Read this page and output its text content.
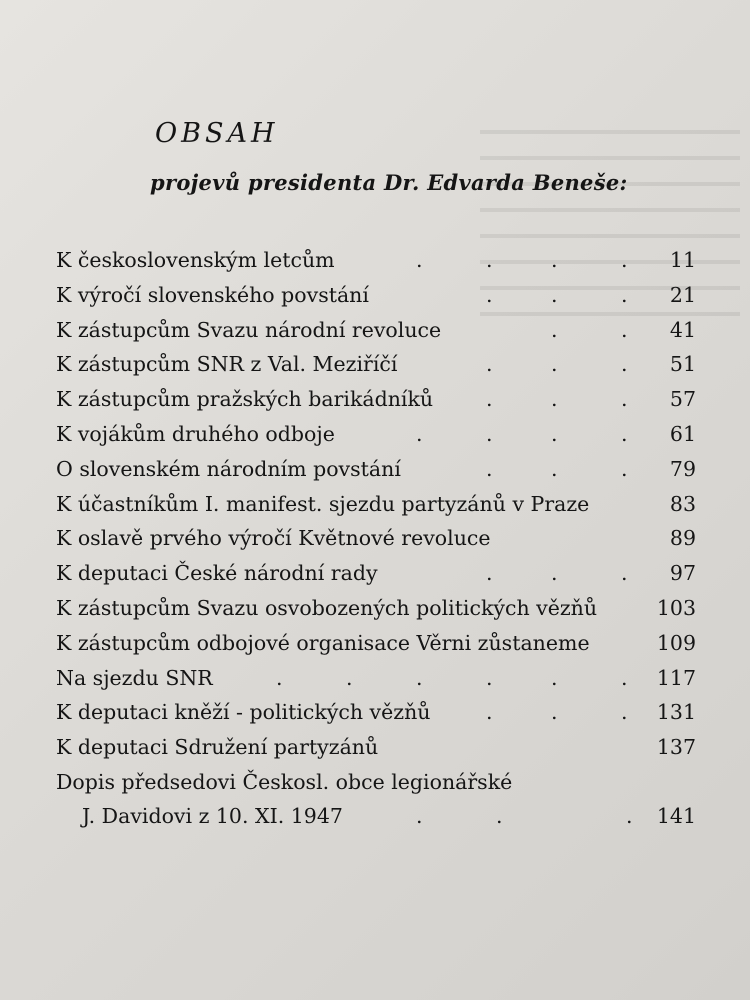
OBSAH
projevů presidenta Dr. Edvarda Beneše:
K československým letcům	.	.	.	. 11
K výročí slovenského povstání	.	.	. 21
K zástupcům Svazu národní revoluce	.	. 41
K zástupcům SNR z Val. Meziříčí	.	.	. 51
K zástupcům pražských barikádníků	.	.	. 57
K vojákům druhého odboje	.	.	.	. 61
O slovenském národním povstání	.	.	. 79
K účastníkům I. manifest. sjezdu partyzánů v Praze	83
K oslavě prvého výročí Květnové revoluce	89
K deputaci České národní rady	.	.	. 97
K zástupcům Svazu osvobozených politických vězňů	103
K zástupcům odbojové organisace Věrni zůstaneme	109
Na sjezdu SNR	.	.	.	.	.	. 117
K deputaci kněží - politických vězňů	.	.	. 131
K deputaci Sdružení partyzánů	137
Dopis předsedovi Českosl. obce legionářské
J. Davidovi z 10. XI. 1947	.	.	. 141
